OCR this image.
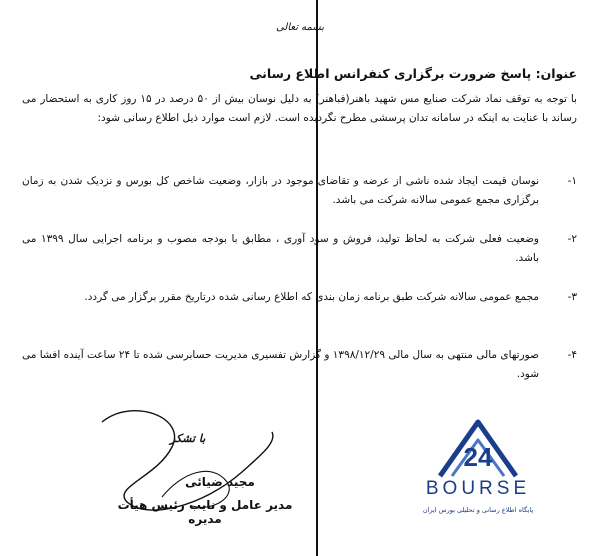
بسمه تعالی
عنوان: پاسخ ضرورت برگزاری کنفرانس اطلاع رسانی
با توجه به توقف نماد شرکت صنایع مس شهید باهنر(فباهنر) به دلیل نوسان بیش از ۵۰ درصد در ۱۵ روز کاری به استحضار می رساند با عنایت به اینکه در سامانه تدان پرسشی مطرح نگردیده است. لازم است موارد ذیل اطلاع رسانی شود:
۱-
نوسان قیمت ایجاد شده ناشی از عرضه و تقاضای موجود در بازار، وضعیت شاخص کل بورس و نزدیک شدن به زمان برگزاری مجمع عمومی سالانه شرکت می باشد.
۲-
وضعیت فعلی شرکت به لحاظ تولید، فروش و سود آوری ، مطابق با بودجه مصوب و برنامه اجرایی سال ۱۳۹۹ می باشد.
۳-
مجمع عمومی سالانه شرکت طبق برنامه زمان بندی که اطلاع رسانی شده درتاریخ مقرر برگزار می گردد.
۴-
صورتهای مالی منتهی به سال مالی ۱۳۹۸/۱۲/۲۹ و گزارش تفسیری مدیریت حسابرسی شده تا ۲۴ ساعت آینده افشا می شود.
با تشکر
مجید ضیائی
مدیر عامل و نایب رئیس هیأت مدیره
24
BOURSE
پایگاه اطلاع رسانی و تحلیلی بورس ایران
